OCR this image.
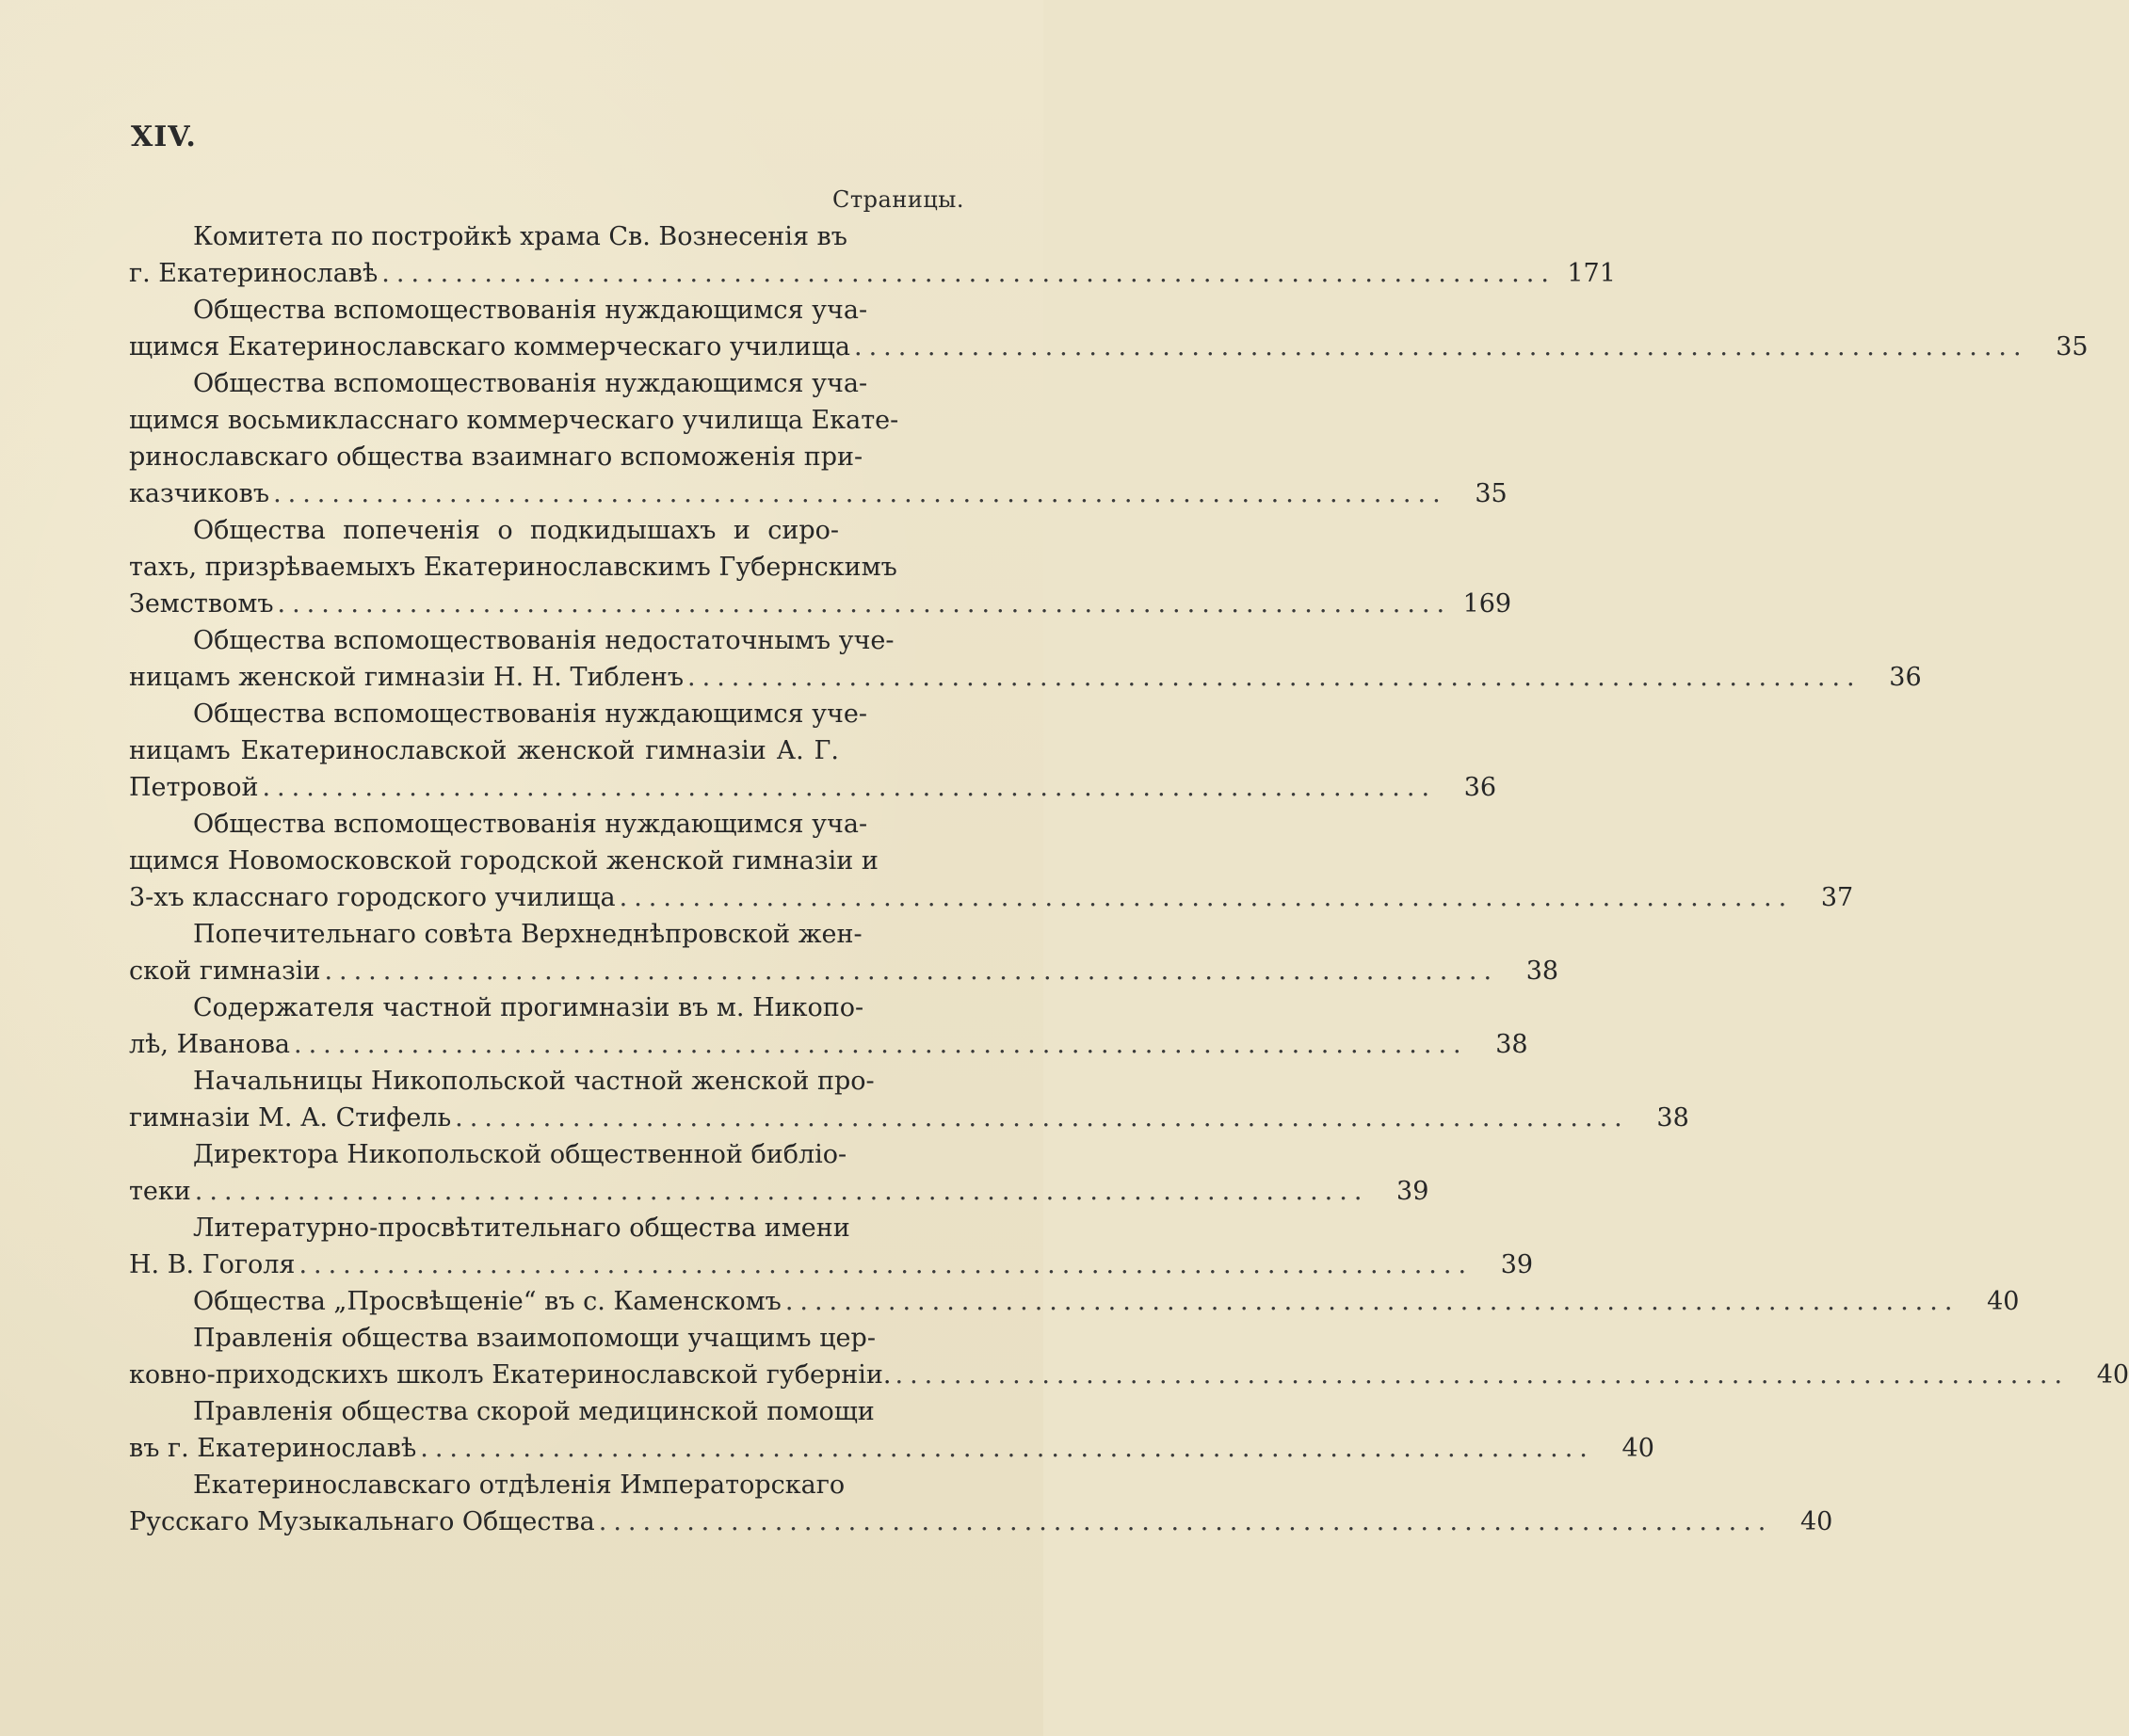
XIV.
Страницы.
Комитета по постройкѣ храма Св. Вознесенія въ
г. Екатеринославѣ ................................................................................ 171
Общества вспомоществованія нуждающимся уча-
щимся Екатеринославскаго коммерческаго училища ................................................................................	35
Общества вспомоществованія нуждающимся уча-
щимся восьмикласснаго коммерческаго училища Екате-
ринославскаго общества взаимнаго вспоможенія при-
казчиковъ ................................................................................	35
Общества попеченія о подкидышахъ и сиро-
тахъ, призрѣваемыхъ Екатеринославскимъ Губернскимъ
Земствомъ ................................................................................ 169
Общества вспомоществованія недостаточнымъ уче-
ницамъ женской гимназіи Н. Н. Тибленъ ................................................................................	36
Общества вспомоществованія нуждающимся уче-
ницамъ Екатеринославской женской гимназіи А. Г.
Петровой ................................................................................	36
Общества вспомоществованія нуждающимся уча-
щимся Новомосковской городской женской гимназіи и
3-хъ класснаго городского училища ................................................................................	37
Попечительнаго совѣта Верхнеднѣпровской жен-
ской гимназіи ................................................................................	38
Содержателя частной прогимназіи въ м. Никопо-
лѣ, Иванова ................................................................................	38
Начальницы Никопольской частной женской про-
гимназіи М. А. Стифель ................................................................................	38
Директора Никопольской общественной библіо-
теки ................................................................................	39
Литературно-просвѣтительнаго общества имени
Н. В. Гоголя ................................................................................	39
Общества „Просвѣщеніе“ въ с. Каменскомъ ................................................................................	40
Правленія общества взаимопомощи учащимъ цер-
ковно-приходскихъ школъ Екатеринославской губерніи. ................................................................................	40
Правленія общества скорой медицинской помощи
въ г. Екатеринославѣ ................................................................................	40
Екатеринославскаго отдѣленія Императорскаго
Русскаго Музыкальнаго Общества ................................................................................	40
